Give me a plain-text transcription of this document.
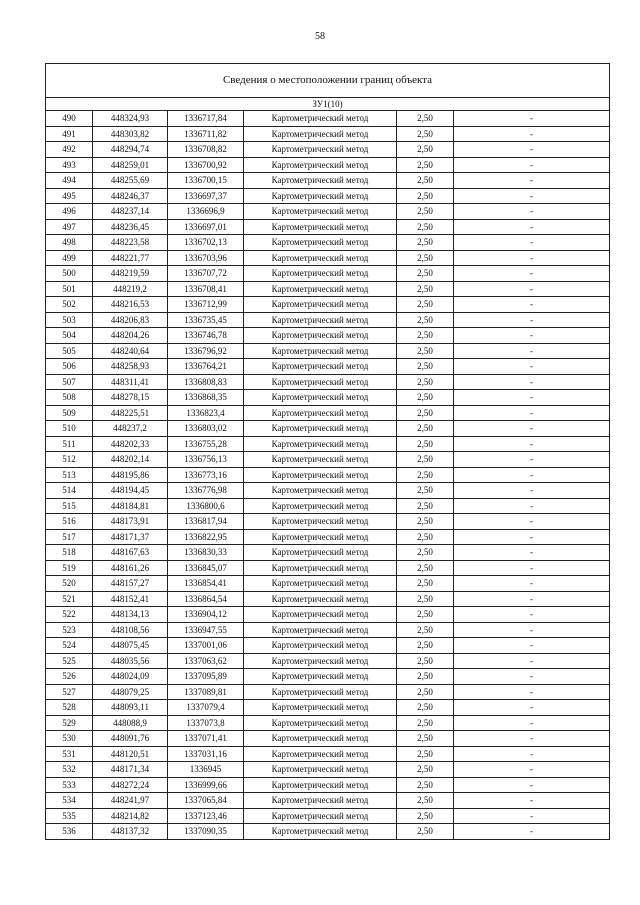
58
Сведения о местоположении границ объекта					
ЗУ1(10)					
490	448324,93	1336717,84	Картометрический метод	2,50	-
491	448303,82	1336711,82	Картометрический метод	2,50	-
492	448294,74	1336708,82	Картометрический метод	2,50	-
493	448259,01	1336700,92	Картометрический метод	2,50	-
494	448255,69	1336700,15	Картометрический метод	2,50	-
495	448246,37	1336697,37	Картометрический метод	2,50	-
496	448237,14	1336696,9	Картометрический метод	2,50	-
497	448236,45	1336697,01	Картометрический метод	2,50	-
498	448223,58	1336702,13	Картометрический метод	2,50	-
499	448221,77	1336703,96	Картометрический метод	2,50	-
500	448219,59	1336707,72	Картометрический метод	2,50	-
501	448219,2	1336708,41	Картометрический метод	2,50	-
502	448216,53	1336712,99	Картометрический метод	2,50	-
503	448206,83	1336735,45	Картометрический метод	2,50	-
504	448204,26	1336746,78	Картометрический метод	2,50	-
505	448240,64	1336796,92	Картометрический метод	2,50	-
506	448258,93	1336764,21	Картометрический метод	2,50	-
507	448311,41	1336808,83	Картометрический метод	2,50	-
508	448278,15	1336868,35	Картометрический метод	2,50	-
509	448225,51	1336823,4	Картометрический метод	2,50	-
510	448237,2	1336803,02	Картометрический метод	2,50	-
511	448202,33	1336755,28	Картометрический метод	2,50	-
512	448202,14	1336756,13	Картометрический метод	2,50	-
513	448195,86	1336773,16	Картометрический метод	2,50	-
514	448194,45	1336776,98	Картометрический метод	2,50	-
515	448184,81	1336800,6	Картометрический метод	2,50	-
516	448173,91	1336817,94	Картометрический метод	2,50	-
517	448171,37	1336822,95	Картометрический метод	2,50	-
518	448167,63	1336830,33	Картометрический метод	2,50	-
519	448161,26	1336845,07	Картометрический метод	2,50	-
520	448157,27	1336854,41	Картометрический метод	2,50	-
521	448152,41	1336864,54	Картометрический метод	2,50	-
522	448134,13	1336904,12	Картометрический метод	2,50	-
523	448108,56	1336947,55	Картометрический метод	2,50	-
524	448075,45	1337001,06	Картометрический метод	2,50	-
525	448035,56	1337063,62	Картометрический метод	2,50	-
526	448024,09	1337095,89	Картометрический метод	2,50	-
527	448079,25	1337089,81	Картометрический метод	2,50	-
528	448093,11	1337079,4	Картометрический метод	2,50	-
529	448088,9	1337073,8	Картометрический метод	2,50	-
530	448091,76	1337071,41	Картометрический метод	2,50	-
531	448120,51	1337031,16	Картометрический метод	2,50	-
532	448171,34	1336945	Картометрический метод	2,50	-
533	448272,24	1336999,66	Картометрический метод	2,50	-
534	448241,97	1337065,84	Картометрический метод	2,50	-
535	448214,82	1337123,46	Картометрический метод	2,50	-
536	448137,32	1337090,35	Картометрический метод	2,50	-
